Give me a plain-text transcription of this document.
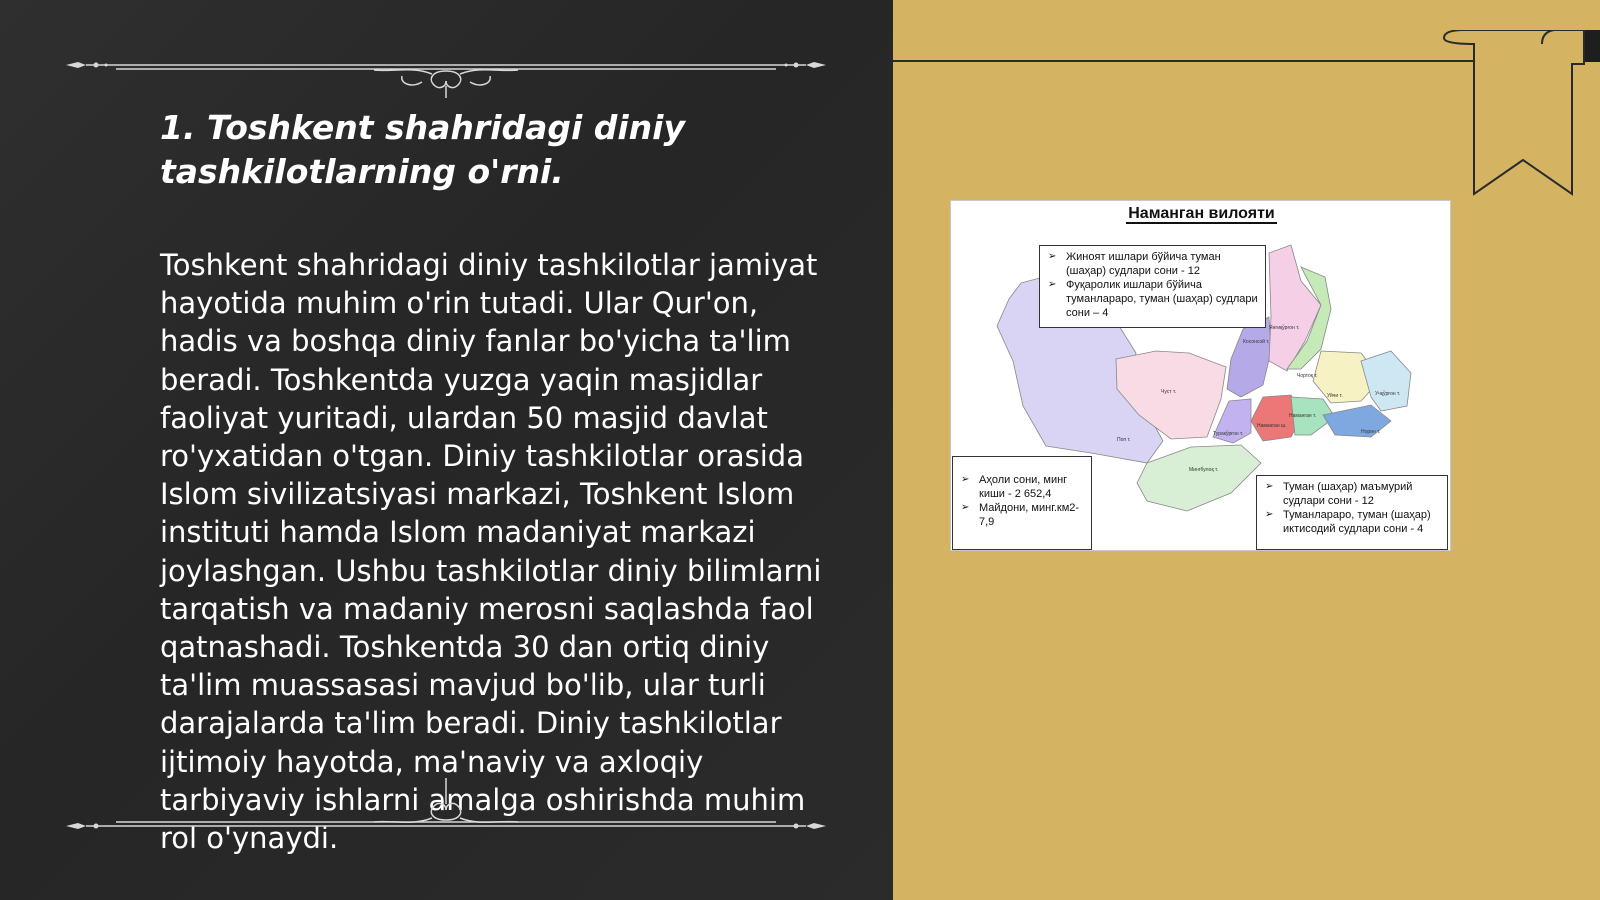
1. Toshkent shahridagi diniy tashkilotlarning o'rni.
Toshkent shahridagi diniy tashkilotlar jamiyat hayotida muhim o'rin tutadi. Ular Qur'on, hadis va boshqa diniy fanlar bo'yicha ta'lim beradi. Toshkentda yuzga yaqin masjidlar faoliyat yuritadi, ulardan 50 masjid davlat ro'yxatidan o'tgan. Diniy tashkilotlar orasida Islom sivilizatsiyasi markazi, Toshkent Islom instituti hamda Islom madaniyat markazi joylashgan. Ushbu tashkilotlar diniy bilimlarni tarqatish va madaniy merosni saqlashda faol qatnashadi. Toshkentda 30 dan ortiq diniy ta'lim muassasasi mavjud bo'lib, ular turli darajalarda ta'lim beradi. Diniy tashkilotlar ijtimoiy hayotda, ma'naviy va axloqiy tarbiyaviy ishlarni amalga oshirishda muhim rol o'ynaydi.
Наманган вилояти
Поп т.
Чуст т.
Косонсой т.
Янгиқўрғон т.
Чортоқ т.
Уйчи т.	Учқўрғон т.
Наманган ш.
Туракўрғон т.
Наманган т.
Норин т.
Мингбулоқ т.
➢ Жиноят ишлари бўйича туман (шаҳар) судлари сони - 12
➢ Фуқаролик ишлари бўйича туманлараро, туман (шаҳар) судлари сони – 4
➢ Аҳоли сони, минг киши - 2 652,4
➢ Майдони, минг.км2- 7,9
➢ Туман (шаҳар) маъмурий судлари сони - 12
➢ Туманлараро, туман (шаҳар) иктисодий судлари сони - 4
